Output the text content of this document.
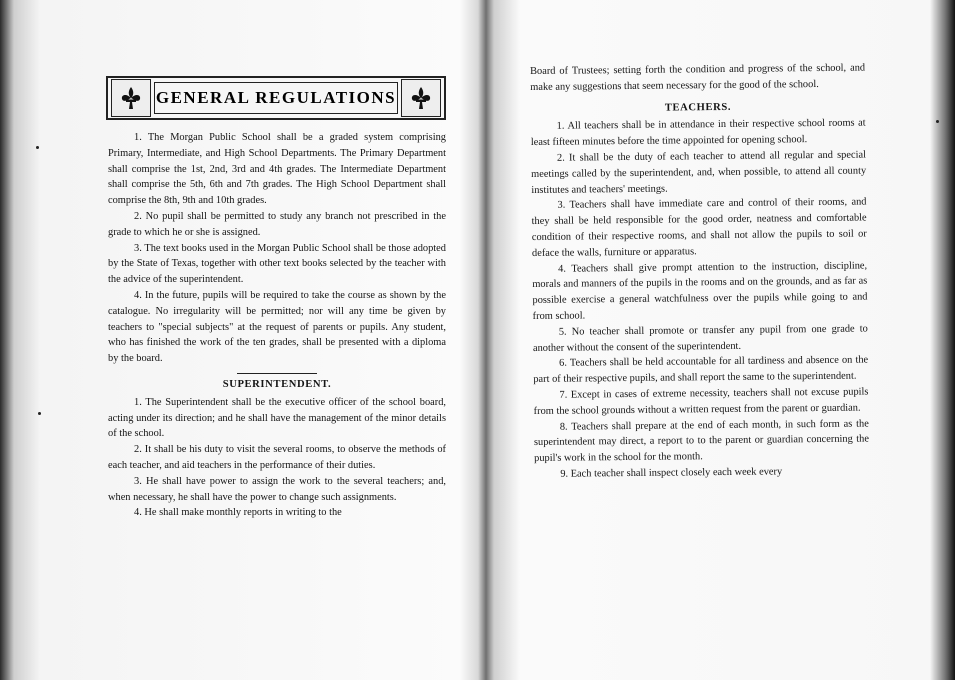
GENERAL REGULATIONS

1. The Morgan Public School shall be a graded system comprising Primary, Intermediate, and High School Departments. The Primary Department shall comprise the 1st, 2nd, 3rd and 4th grades. The Intermediate Department shall comprise the 5th, 6th and 7th grades. The High School Department shall comprise the 8th, 9th and 10th grades.

2. No pupil shall be permitted to study any branch not prescribed in the grade to which he or she is assigned.

3. The text books used in the Morgan Public School shall be those adopted by the State of Texas, together with other text books selected by the teacher with the advice of the superintendent.

4. In the future, pupils will be required to take the course as shown by the catalogue. No irregularity will be permitted; nor will any time be given by teachers to "special subjects" at the request of parents or pupils. Any student, who has finished the work of the ten grades, shall be presented with a diploma by the board.

SUPERINTENDENT.

1. The Superintendent shall be the executive officer of the school board, acting under its direction; and he shall have the management of the minor details of the school.

2. It shall be his duty to visit the several rooms, to observe the methods of each teacher, and aid teachers in the performance of their duties.

3. He shall have power to assign the work to the several teachers; and, when necessary, he shall have the power to change such assignments.

4. He shall make monthly reports in writing to the

Board of Trustees; setting forth the condition and progress of the school, and make any suggestions that seem necessary for the good of the school.

TEACHERS.

1. All teachers shall be in attendance in their respective school rooms at least fifteen minutes before the time appointed for opening school.

2. It shall be the duty of each teacher to attend all regular and special meetings called by the superintendent, and, when possible, to attend all county institutes and teachers' meetings.

3. Teachers shall have immediate care and control of their rooms, and they shall be held responsible for the good order, neatness and comfortable condition of their respective rooms, and shall not allow the pupils to soil or deface the walls, furniture or apparatus.

4. Teachers shall give prompt attention to the instruction, discipline, morals and manners of the pupils in the rooms and on the grounds, and as far as possible exercise a general watchfulness over the pupils while going to and from school.

5. No teacher shall promote or transfer any pupil from one grade to another without the consent of the superintendent.

6. Teachers shall be held accountable for all tardiness and absence on the part of their respective pupils, and shall report the same to the superintendent.

7. Except in cases of extreme necessity, teachers shall not excuse pupils from the school grounds without a written request from the parent or guardian.

8. Teachers shall prepare at the end of each month, in such form as the superintendent may direct, a report to to the parent or guardian concerning the pupil's work in the school for the month.

9. Each teacher shall inspect closely each week every
